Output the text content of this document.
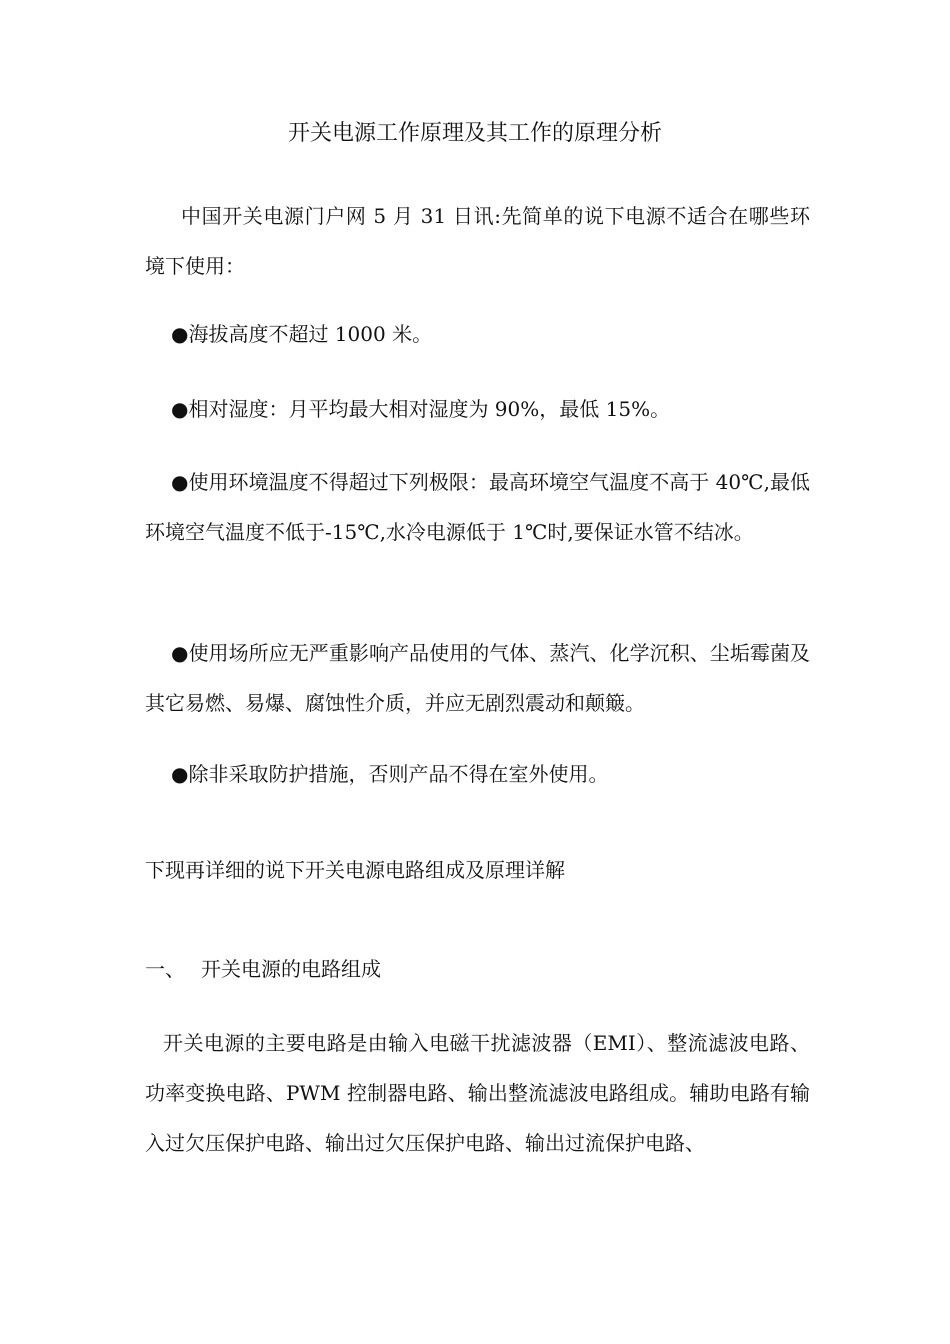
开关电源工作原理及其工作的原理分析
中国开关电源门户网 5 月 31 日讯:先简单的说下电源不适合在哪些环境下使用：
●海拔高度不超过 1000 米。
●相对湿度：月平均最大相对湿度为 90%，最低 15%。
●使用环境温度不得超过下列极限：最高环境空气温度不高于 40℃,最低环境空气温度不低于-15℃,水冷电源低于 1℃时,要保证水管不结冰。
●使用场所应无严重影响产品使用的气体、蒸汽、化学沉积、尘垢霉菌及其它易燃、易爆、腐蚀性介质，并应无剧烈震动和颠簸。
●除非采取防护措施，否则产品不得在室外使用。
下现再详细的说下开关电源电路组成及原理详解
一、 开关电源的电路组成
开关电源的主要电路是由输入电磁干扰滤波器（EMI）、整流滤波电路、功率变换电路、PWM 控制器电路、输出整流滤波电路组成。辅助电路有输入过欠压保护电路、输出过欠压保护电路、输出过流保护电路、
